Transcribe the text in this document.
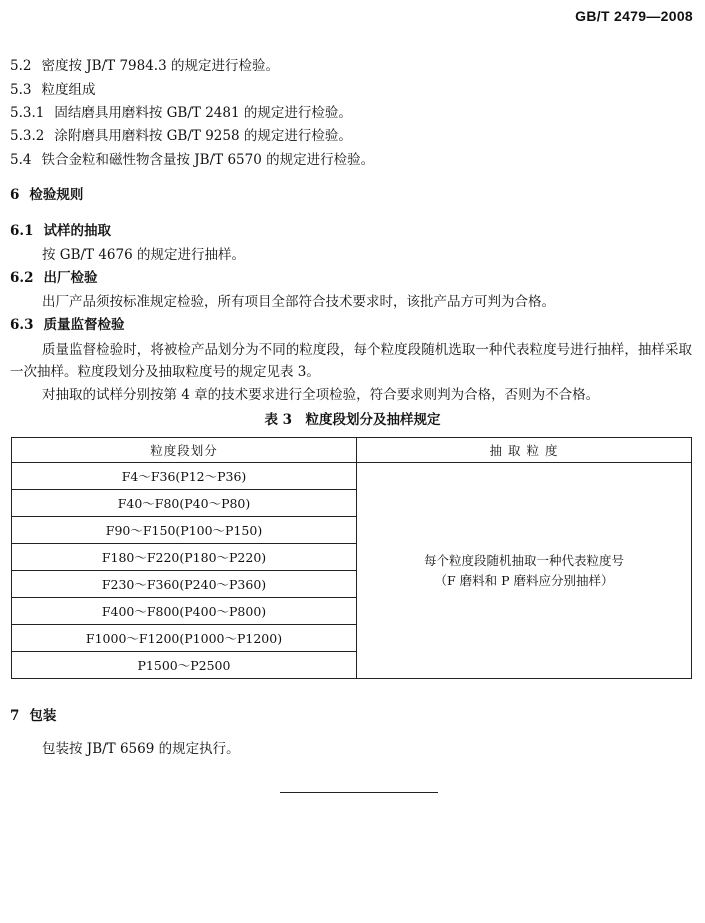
GB/T 2479—2008
5.2 密度按 JB/T 7984.3 的规定进行检验。
5.3 粒度组成
5.3.1 固结磨具用磨料按 GB/T 2481 的规定进行检验。
5.3.2 涂附磨具用磨料按 GB/T 9258 的规定进行检验。
5.4 铁合金粒和磁性物含量按 JB/T 6570 的规定进行检验。
6 检验规则
6.1 试样的抽取
按 GB/T 4676 的规定进行抽样。
6.2 出厂检验
出厂产品须按标准规定检验，所有项目全部符合技术要求时，该批产品方可判为合格。
6.3 质量监督检验
质量监督检验时，将被检产品划分为不同的粒度段，每个粒度段随机选取一种代表粒度号进行抽样，抽样采取一次抽样。粒度段划分及抽取粒度号的规定见表 3。
对抽取的试样分别按第 4 章的技术要求进行全项检验，符合要求则判为合格，否则为不合格。
表 3　粒度段划分及抽样规定
粒度段划分	抽 取 粒 度
F4～F36(P12～P36)	每个粒度段随机抽取一种代表粒度号
（F 磨料和 P 磨料应分别抽样）

F40～F80(P40～P80)	
F90～F150(P100～P150)	
F180～F220(P180～P220)	
F230～F360(P240～P360)	
F400～F800(P400～P800)	
F1000～F1200(P1000～P1200)	
P1500～P2500	
7 包装
包装按 JB/T 6569 的规定执行。
